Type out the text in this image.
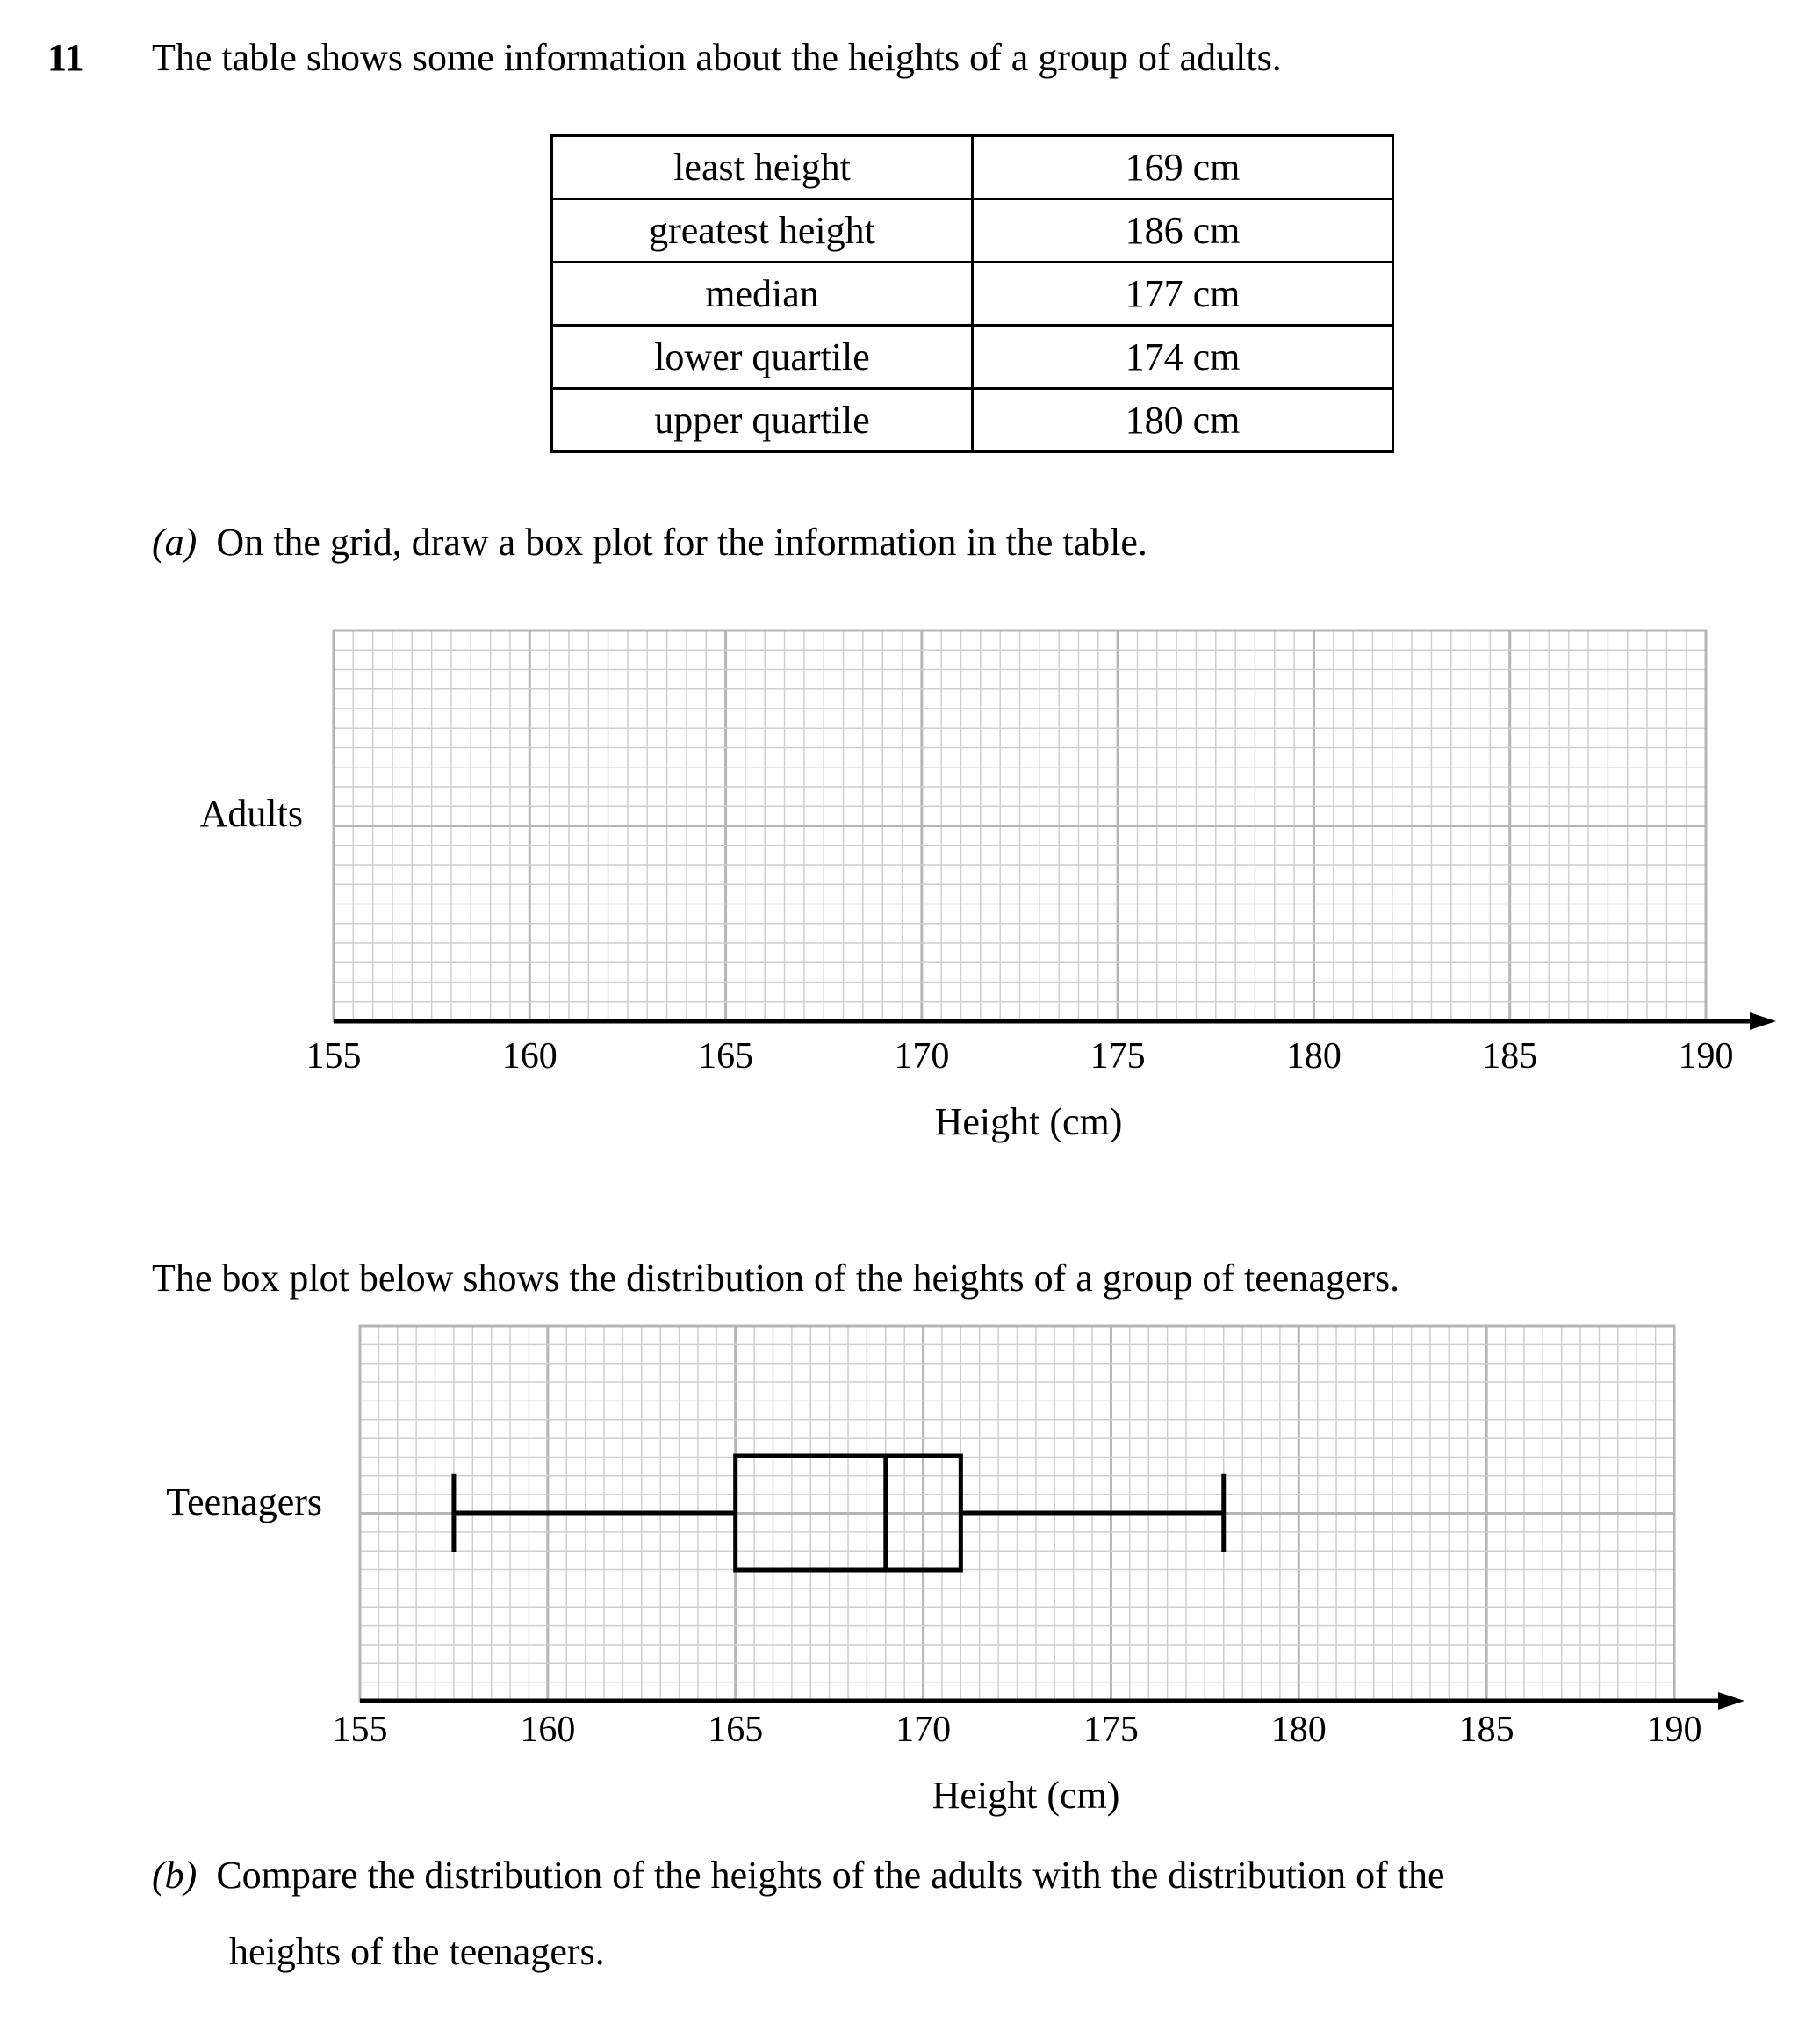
11 The table shows some information about the heights of a group of adults.
least height	169 cm
greatest height	186 cm
median	177 cm
lower quartile	174 cm
upper quartile	180 cm
(a) On the grid, draw a box plot for the information in the table.
155	160	165	170	175	180	185	190
Height (cm)
Adults
The box plot below shows the distribution of the heights of a group of teenagers.
155	160	165	170	175	180	185	190
Height (cm)
Teenagers
(b) Compare the distribution of the heights of the adults with the distribution of the
heights of the teenagers.
